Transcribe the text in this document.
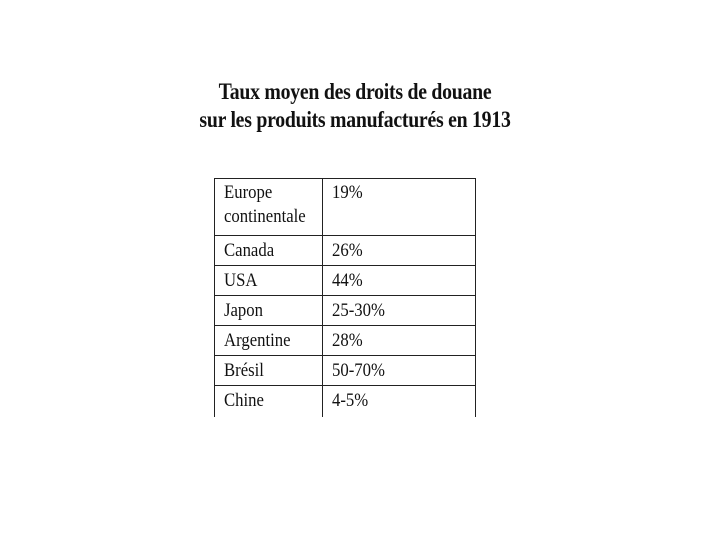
Taux moyen des droits de douane
sur les produits manufacturés en 1913
Europe
continentale	19%
Canada	26%
USA	44%
Japon	25-30%
Argentine	28%
Brésil	50-70%
Chine	4-5%
